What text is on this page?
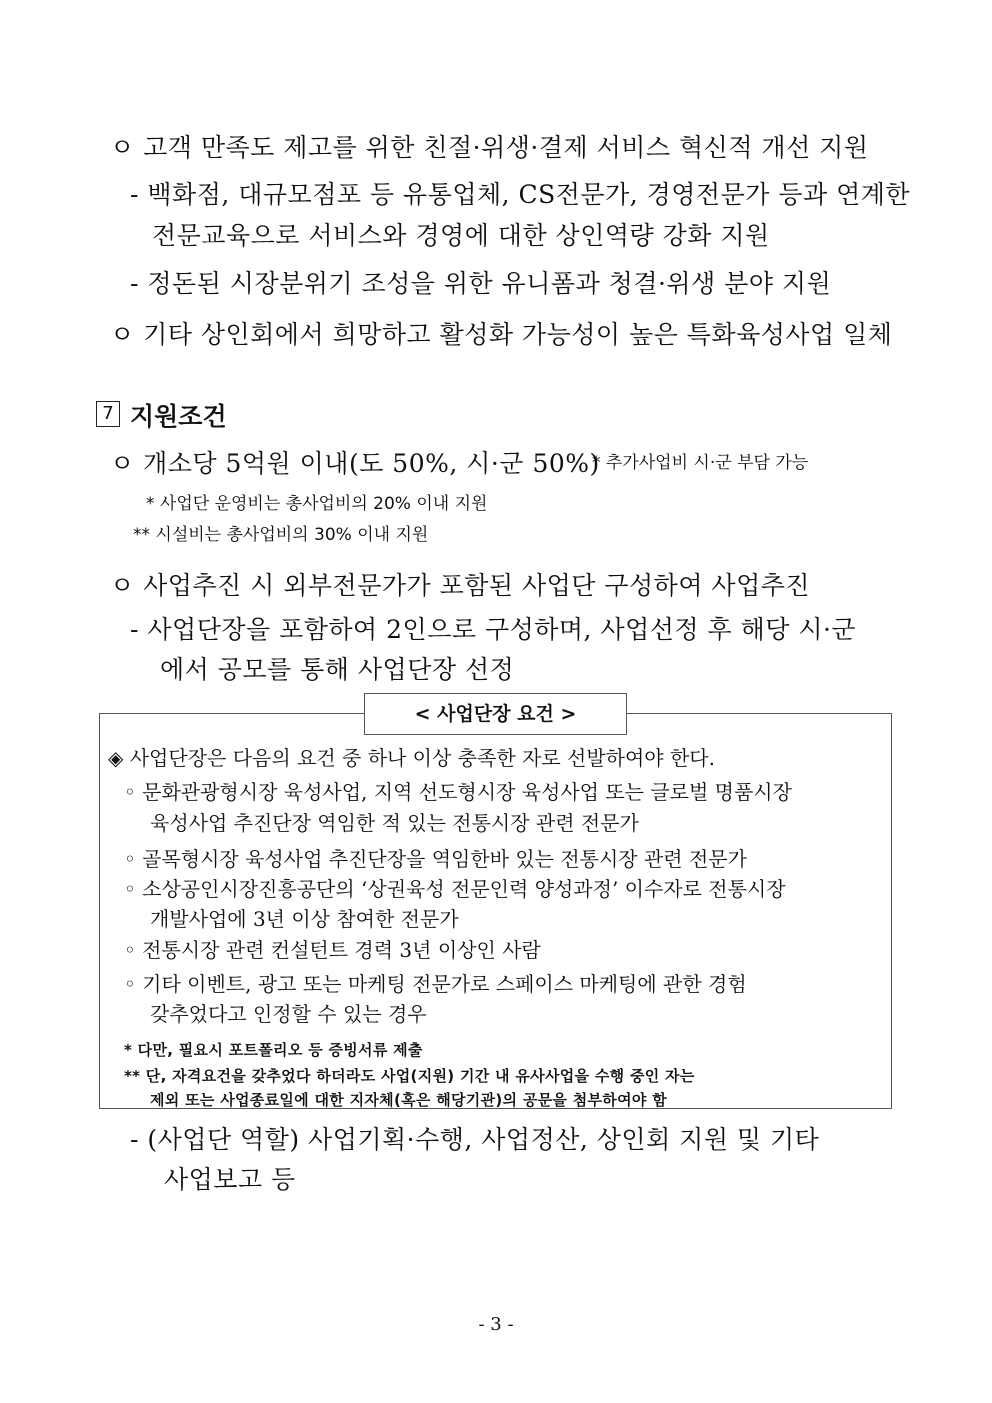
ㅇ 고객 만족도 제고를 위한 친절·위생·결제 서비스 혁신적 개선 지원
- 백화점, 대규모점포 등 유통업체, CS전문가, 경영전문가 등과 연계한
전문교육으로 서비스와 경영에 대한 상인역량 강화 지원
- 정돈된 시장분위기 조성을 위한 유니폼과 청결·위생 분야 지원
ㅇ 기타 상인회에서 희망하고 활성화 가능성이 높은 특화육성사업 일체
7 지원조건
ㅇ 개소당 5억원 이내(도 50%, 시·군 50%)
* 추가사업비 시·군 부담 가능
* 사업단 운영비는 총사업비의 20% 이내 지원
** 시설비는 총사업비의 30% 이내 지원
ㅇ 사업추진 시 외부전문가가 포함된 사업단 구성하여 사업추진
- 사업단장을 포함하여 2인으로 구성하며, 사업선정 후 해당 시·군
에서 공모를 통해 사업단장 선정
< 사업단장 요건 >
◈ 사업단장은 다음의 요건 중 하나 이상 충족한 자로 선발하여야 한다.
◦ 문화관광형시장 육성사업, 지역 선도형시장 육성사업 또는 글로벌 명품시장
육성사업 추진단장 역임한 적 있는 전통시장 관련 전문가
◦ 골목형시장 육성사업 추진단장을 역임한바 있는 전통시장 관련 전문가
◦ 소상공인시장진흥공단의 ‘상권육성 전문인력 양성과정’ 이수자로 전통시장
개발사업에 3년 이상 참여한 전문가
◦ 전통시장 관련 컨설턴트 경력 3년 이상인 사람
◦ 기타 이벤트, 광고 또는 마케팅 전문가로 스페이스 마케팅에 관한 경험
갖추었다고 인정할 수 있는 경우
* 다만, 필요시 포트폴리오 등 증빙서류 제출
** 단, 자격요건을 갖추었다 하더라도 사업(지원) 기간 내 유사사업을 수행 중인 자는
제외 또는 사업종료일에 대한 지자체(혹은 해당기관)의 공문을 첨부하여야 함
- (사업단 역할) 사업기획·수행, 사업정산, 상인회 지원 및 기타
사업보고 등
- 3 -
